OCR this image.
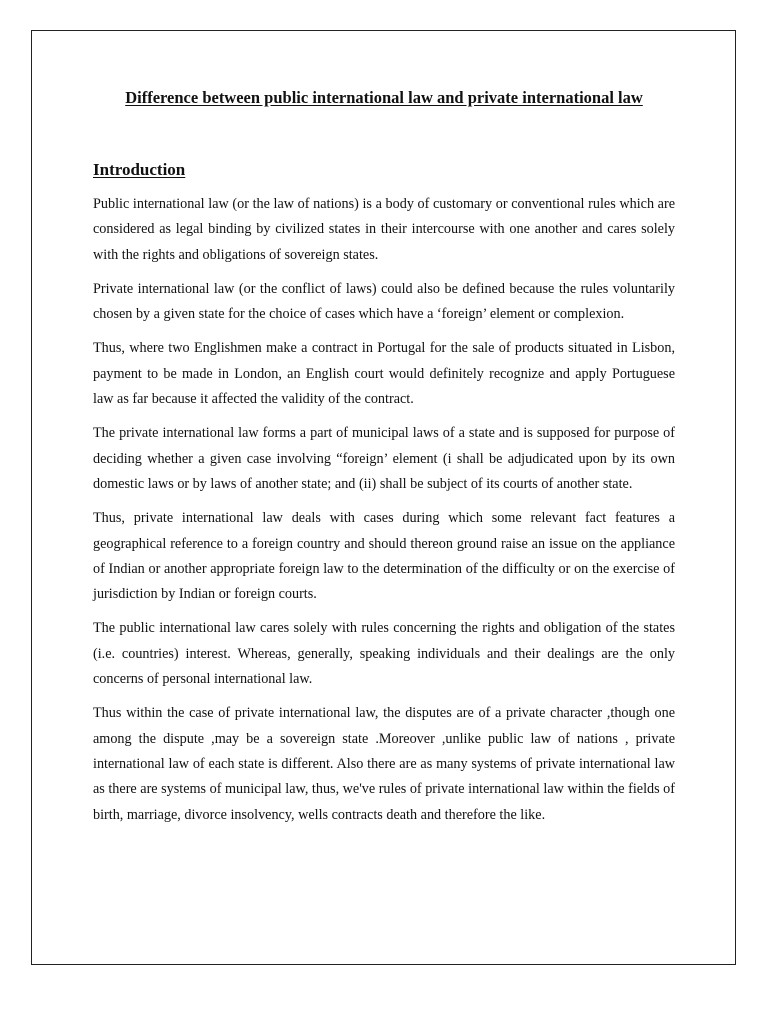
Difference between public international law and private international law
Introduction

Public international law (or the law of nations) is a body of customary or conventional rules which are considered as legal binding by civilized states in their intercourse with one another and cares solely with the rights and obligations of sovereign states.

Private international law (or the conflict of laws) could also be defined because the rules voluntarily chosen by a given state for the choice of cases which have a ‘foreign’ element or complexion.

Thus, where two Englishmen make a contract in Portugal for the sale of products situated in Lisbon, payment to be made in London, an English court would definitely recognize and apply Portuguese law as far because it affected the validity of the contract.

The private international law forms a part of municipal laws of a state and is supposed for purpose of deciding whether a given case involving “foreign’ element (i shall be adjudicated upon by its own domestic laws or by laws of another state; and (ii) shall be subject of its courts of another state.

Thus, private international law deals with cases during which some relevant fact features a geographical reference to a foreign country and should thereon ground raise an issue on the appliance of Indian or another appropriate foreign law to the determination of the difficulty or on the exercise of jurisdiction by Indian or foreign courts.

The public international law cares solely with rules concerning the rights and obligation of the states (i.e. countries) interest. Whereas, generally, speaking individuals and their dealings are the only concerns of personal international law.

Thus within the case of private international law, the disputes are of a private character ,though one among the dispute ,may be a sovereign state .Moreover ,unlike public law of nations , private international law of each state is different. Also there are as many systems of private international law as there are systems of municipal law, thus, we've rules of private international law within the fields of birth, marriage, divorce insolvency, wells contracts death and therefore the like.
